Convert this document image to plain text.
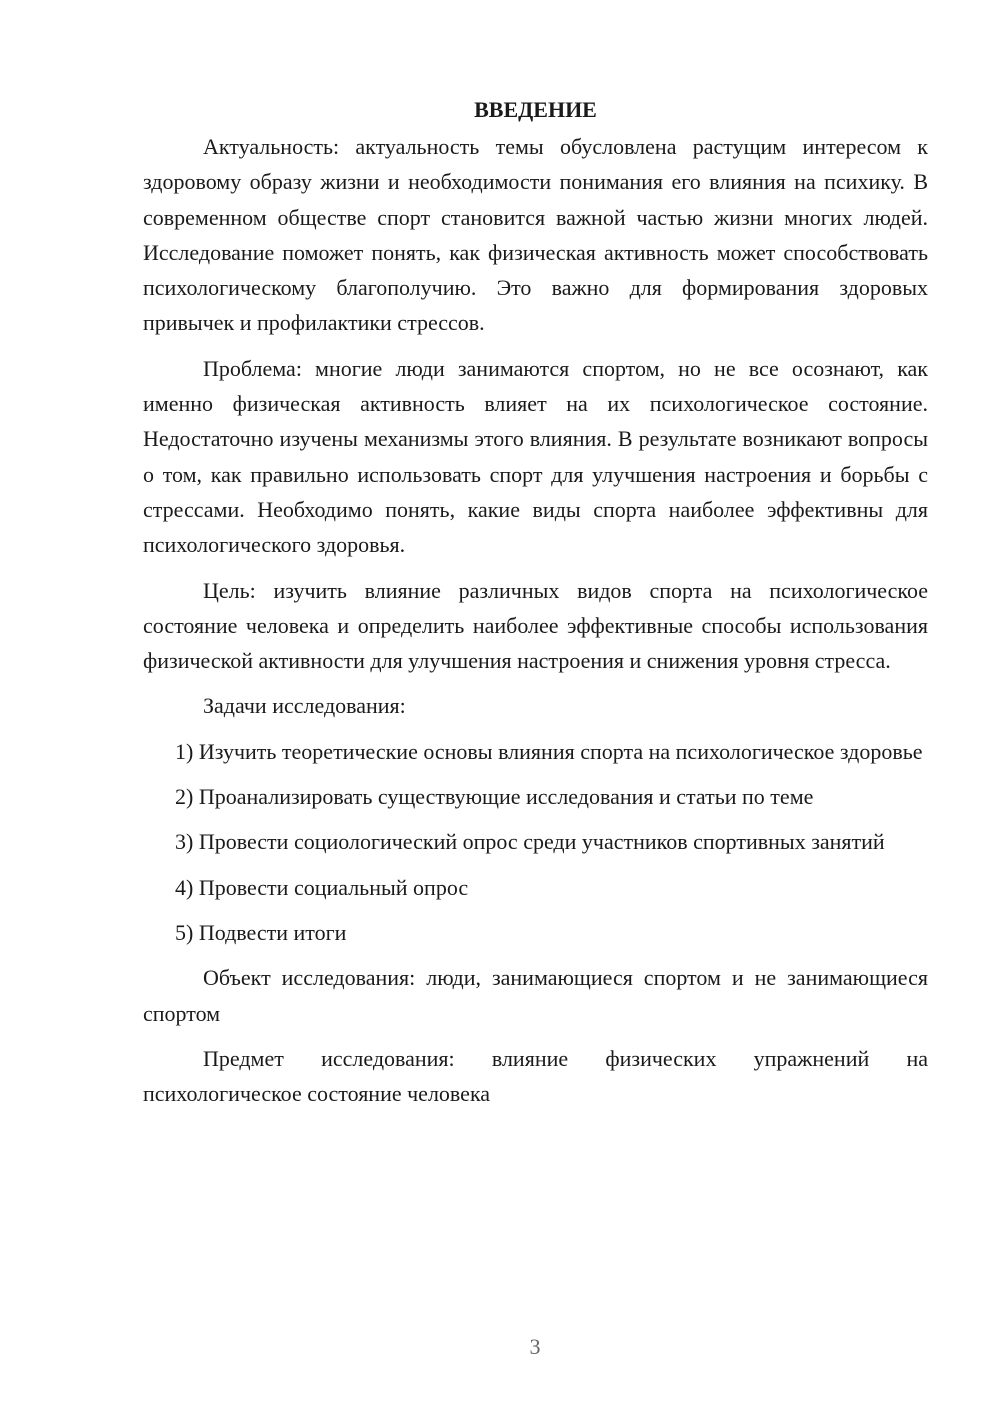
ВВЕДЕНИЕ

Актуальность: актуальность темы обусловлена растущим интересом к здоровому образу жизни и необходимости понимания его влияния на психику. В современном обществе спорт становится важной частью жизни многих людей. Исследование поможет понять, как физическая активность может способствовать психологическому благополучию. Это важно для формирования здоровых привычек и профилактики стрессов.

Проблема: многие люди занимаются спортом, но не все осознают, как именно физическая активность влияет на их психологическое состояние. Недостаточно изучены механизмы этого влияния. В результате возникают вопросы о том, как правильно использовать спорт для улучшения настроения и борьбы с стрессами. Необходимо понять, какие виды спорта наиболее эффективны для психологического здоровья.

Цель: изучить влияние различных видов спорта на психологическое состояние человека и определить наиболее эффективные способы использования физической активности для улучшения настроения и снижения уровня стресса.

Задачи исследования:

1) Изучить теоретические основы влияния спорта на психологическое здоровье

2) Проанализировать существующие исследования и статьи по теме

3) Провести социологический опрос среди участников спортивных занятий

4) Провести социальный опрос

5) Подвести итоги

Объект исследования: люди, занимающиеся спортом и не занимающиеся спортом

Предмет исследования: влияние физических упражнений на психологическое состояние человека

3
